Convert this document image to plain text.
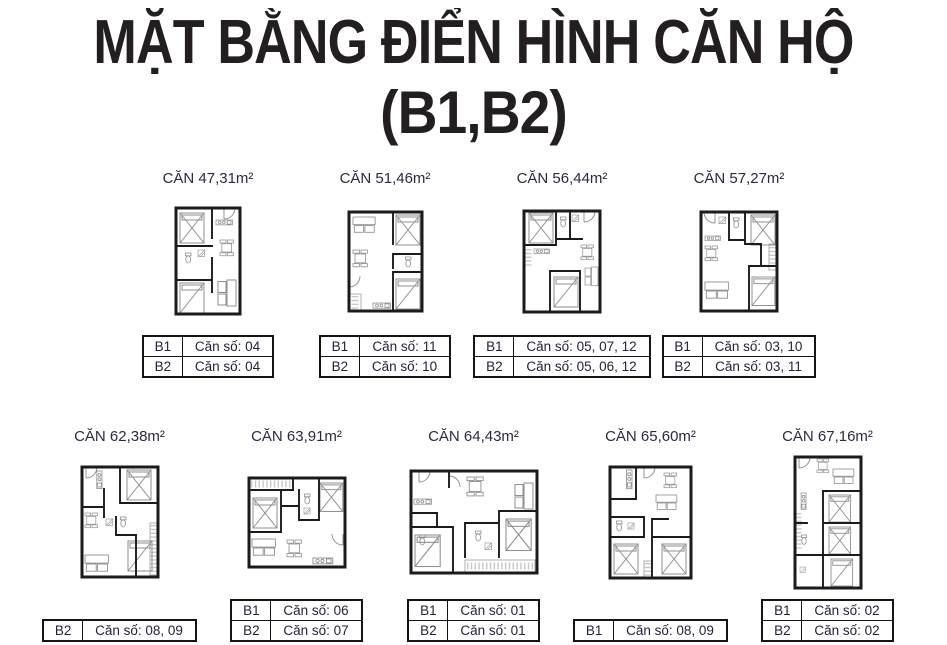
MẶT BẰNG ĐIỂN HÌNH CĂN HỘ
(B1,B2)
CĂN 47,31m²
B1	Căn số: 04
B2	Căn số: 04
CĂN 51,46m²
B1	Căn số: 11
B2	Căn số: 10
CĂN 56,44m²
B1	Căn số: 05, 07, 12
B2	Căn số: 05, 06, 12
CĂN 57,27m²
B1	Căn số: 03, 10
B2	Căn số: 03, 11
CĂN 62,38m²
B2	Căn số: 08, 09
CĂN 63,91m²
B1	Căn số: 06
B2	Căn số: 07
CĂN 64,43m²
B1	Căn số: 01
B2	Căn số: 01
CĂN 65,60m²
B1	Căn số: 08, 09
CĂN 67,16m²
B1	Căn số: 02
B2	Căn số: 02
